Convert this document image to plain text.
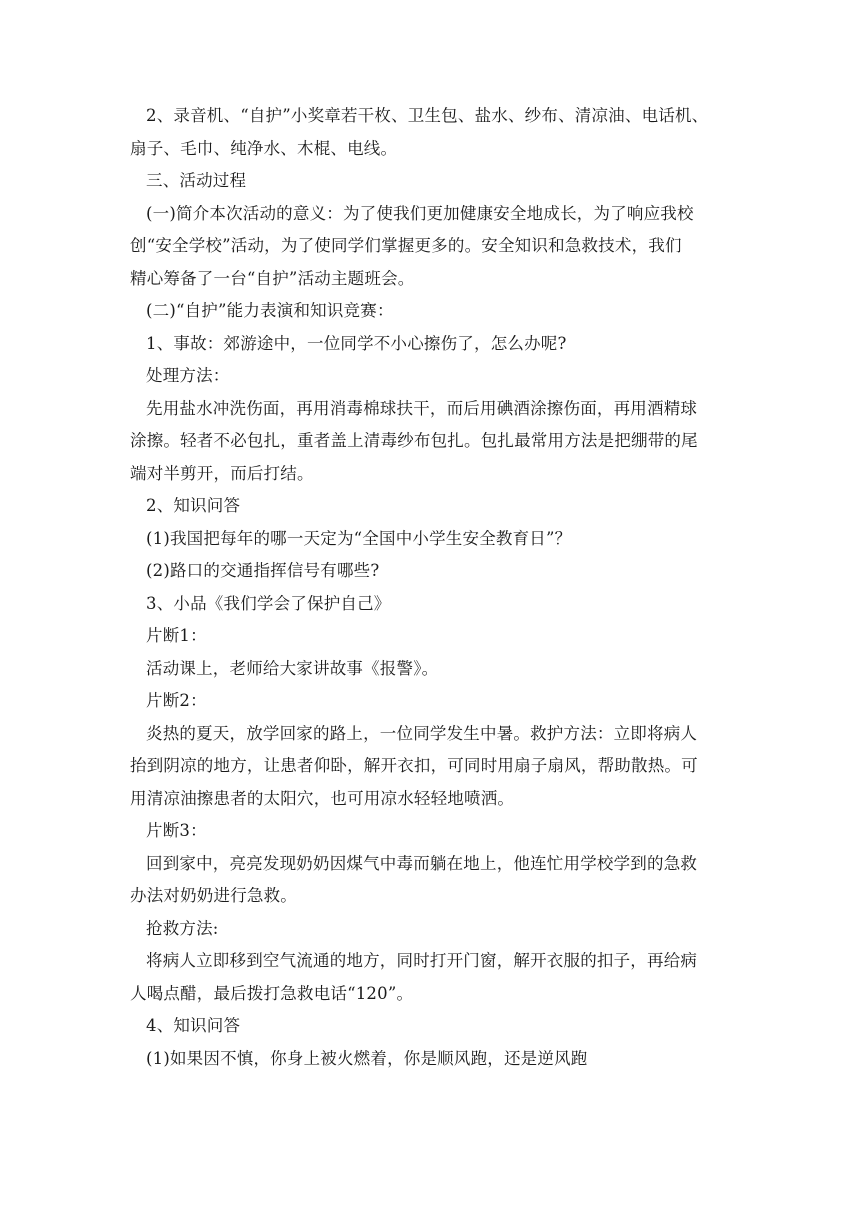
2、录音机、“自护”小奖章若干枚、卫生包、盐水、纱布、清凉油、电话机、
扇子、毛巾、纯净水、木棍、电线。
三、活动过程
(一)简介本次活动的意义：为了使我们更加健康安全地成长，为了响应我校
创“安全学校”活动，为了使同学们掌握更多的。安全知识和急救技术，我们
精心筹备了一台“自护”活动主题班会。
(二)“自护”能力表演和知识竞赛：
1、事故：郊游途中，一位同学不小心擦伤了，怎么办呢?
处理方法：
先用盐水冲洗伤面，再用消毒棉球扶干，而后用碘酒涂擦伤面，再用酒精球
涂擦。轻者不必包扎，重者盖上清毒纱布包扎。包扎最常用方法是把绷带的尾
端对半剪开，而后打结。
2、知识问答
(1)我国把每年的哪一天定为“全国中小学生安全教育日”？
(2)路口的交通指挥信号有哪些?
3、小品《我们学会了保护自己》
片断1：
活动课上，老师给大家讲故事《报警》。
片断2：
炎热的夏天，放学回家的路上，一位同学发生中暑。救护方法：立即将病人
抬到阴凉的地方，让患者仰卧，解开衣扣，可同时用扇子扇风，帮助散热。可
用清凉油擦患者的太阳穴，也可用凉水轻轻地喷洒。
片断3：
回到家中，亮亮发现奶奶因煤气中毒而躺在地上，他连忙用学校学到的急救
办法对奶奶进行急救。
抢救方法:
将病人立即移到空气流通的地方，同时打开门窗，解开衣服的扣子，再给病
人喝点醋，最后拨打急救电话“120”。
4、知识问答
(1)如果因不慎，你身上被火燃着，你是顺风跑，还是逆风跑
